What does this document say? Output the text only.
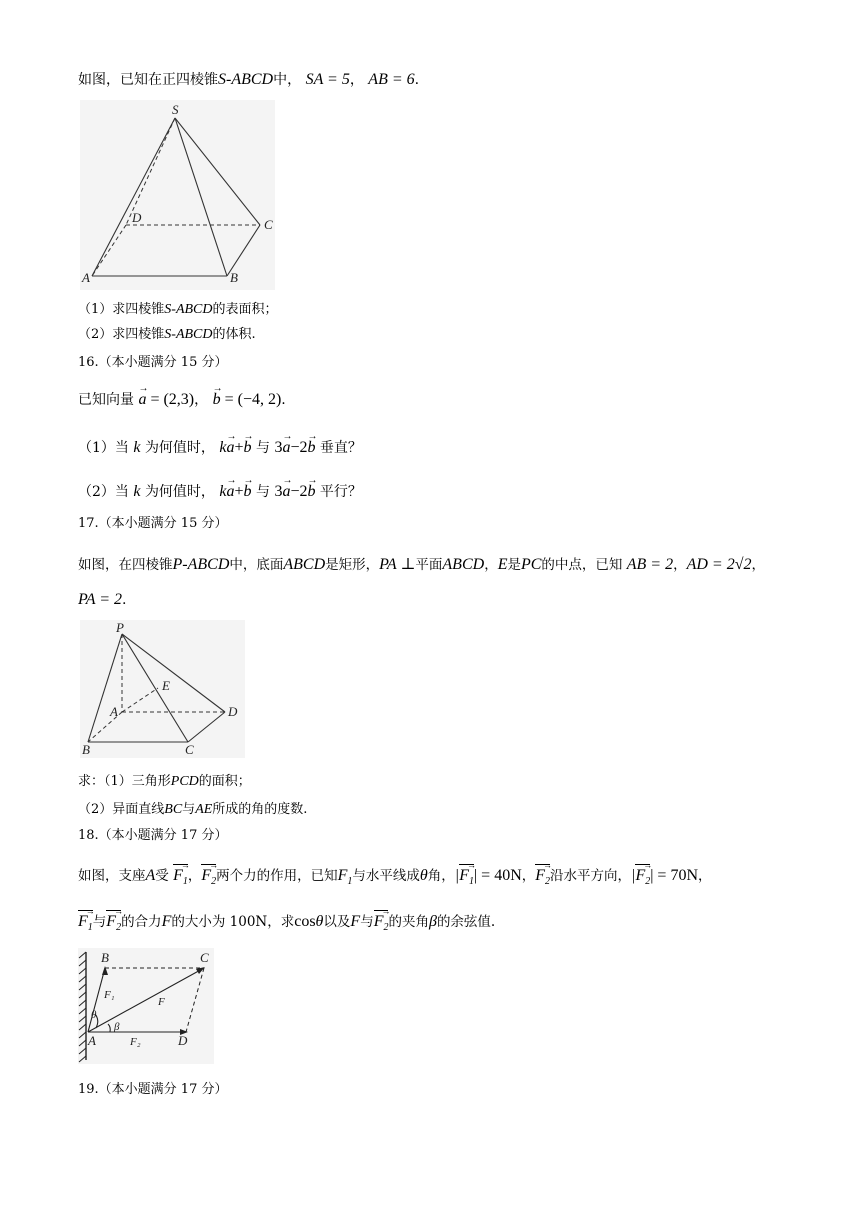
如图，已知在正四棱锥S-ABCD中， SA = 5， AB = 6.
S
D	C
A	B
（1）求四棱锥S-ABCD的表面积；
（2）求四棱锥S-ABCD的体积.
16.（本小题满分 15 分）
已知向量 → a = (2,3)， → b = (−4, 2).
（1）当 k 为何值时， k→ a+→ b 与 3→ a−2→ b 垂直？
（2）当 k 为何值时， k→ a+→ b 与 3→ a−2→ b 平行？
17.（本小题满分 15 分）
如图，在四棱锥P-ABCD中，底面ABCD是矩形，PA ⊥平面ABCD，E是PC的中点，已知 AB = 2，AD = 2√2，
PA = 2.
P
E
A	D
B	C
求：（1）三角形PCD的面积；
（2）异面直线BC与AE所成的角的度数.
18.（本小题满分 17 分）
如图，支座A受 $F_1$ →，$F_2$ →两个力的作用，已知$F_1$与水平线成θ角，$|F_1$ →| = 40N，$F_2$ →沿水平方向，$|F_2$ →| = 70N，
$F_1$ →与$F_2$ →的合力F的大小为 100N，求cosθ以及F与$F_2$ →的夹角β的余弦值.
B	C
F₁
F
θ
β
A	F₂	D
19.（本小题满分 17 分）
